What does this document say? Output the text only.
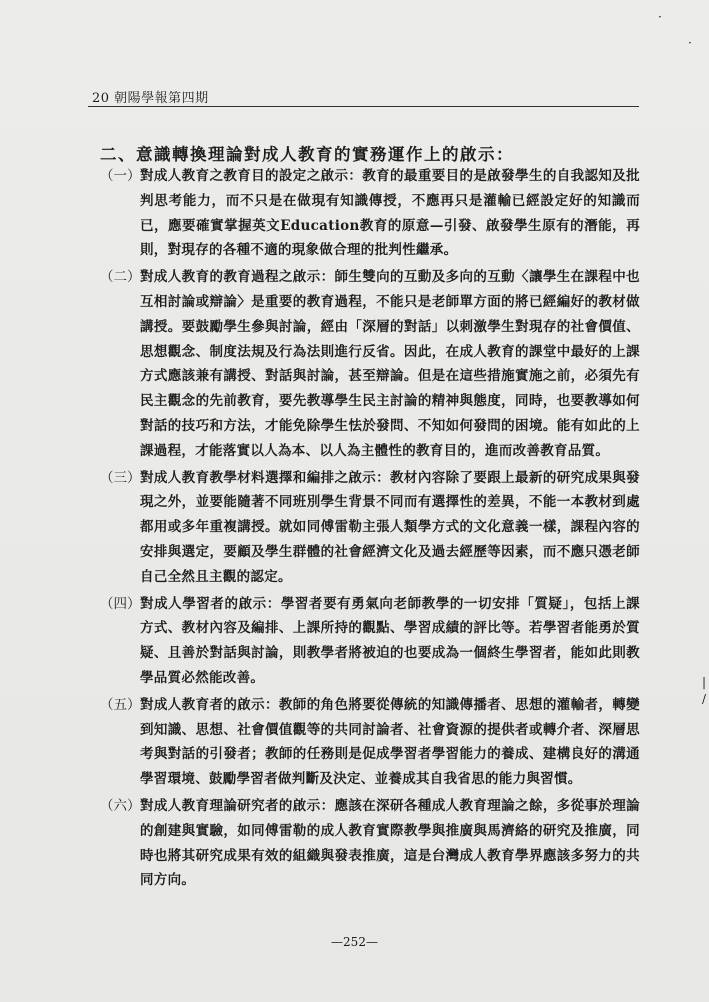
20 朝陽學報第四期
二、意識轉換理論對成人教育的實務運作上的啟示：
（一） 對成人教育之教育目的設定之啟示：教育的最重要目的是啟發學生的自我認知及批判思考能力，而不只是在做現有知識傳授，不應再只是灌輸已經設定好的知識而已，應要確實掌握英文Education教育的原意—引發、啟發學生原有的潛能，再則，對現存的各種不適的現象做合理的批判性繼承。
（二） 對成人教育的教育過程之啟示：師生雙向的互動及多向的互動〈讓學生在課程中也互相討論或辯論〉是重要的教育過程，不能只是老師單方面的將已經編好的教材做講授。要鼓勵學生參與討論，經由「深層的對話」以刺激學生對現存的社會價值、思想觀念、制度法規及行為法則進行反省。因此，在成人教育的課堂中最好的上課方式應該兼有講授、對話與討論，甚至辯論。但是在這些措施實施之前，必須先有民主觀念的先前教育，要先教導學生民主討論的精神與態度，同時，也要教導如何對話的技巧和方法，才能免除學生怯於發問、不知如何發問的困境。能有如此的上課過程，才能落實以人為本、以人為主體性的教育目的，進而改善教育品質。
（三） 對成人教育教學材料選擇和編排之啟示：教材內容除了要跟上最新的研究成果與發現之外，並要能隨著不同班別學生背景不同而有選擇性的差異，不能一本教材到處都用或多年重複講授。就如同傅雷勒主張人類學方式的文化意義一樣，課程內容的安排與選定，要顧及學生群體的社會經濟文化及過去經歷等因素，而不應只憑老師自己全然且主觀的認定。
（四） 對成人學習者的啟示：學習者要有勇氣向老師教學的一切安排「質疑」，包括上課方式、教材內容及編排、上課所持的觀點、學習成績的評比等。若學習者能勇於質疑、且善於對話與討論，則教學者將被迫的也要成為一個終生學習者，能如此則教學品質必然能改善。
（五） 對成人教育者的啟示：教師的角色將要從傳統的知識傳播者、思想的灌輸者，轉變到知識、思想、社會價值觀等的共同討論者、社會資源的提供者或轉介者、深層思考與對話的引發者；教師的任務則是促成學習者學習能力的養成、建構良好的溝通學習環境、鼓勵學習者做判斷及決定、並養成其自我省思的能力與習慣。
（六） 對成人教育理論研究者的啟示：應該在深研各種成人教育理論之餘，多從事於理論的創建與實驗，如同傅雷勒的成人教育實際教學與推廣與馬濟絡的研究及推廣，同時也將其研究成果有效的組織與發表推廣，這是台灣成人教育學界應該多努力的共同方向。
—252—
·
·
|
/
